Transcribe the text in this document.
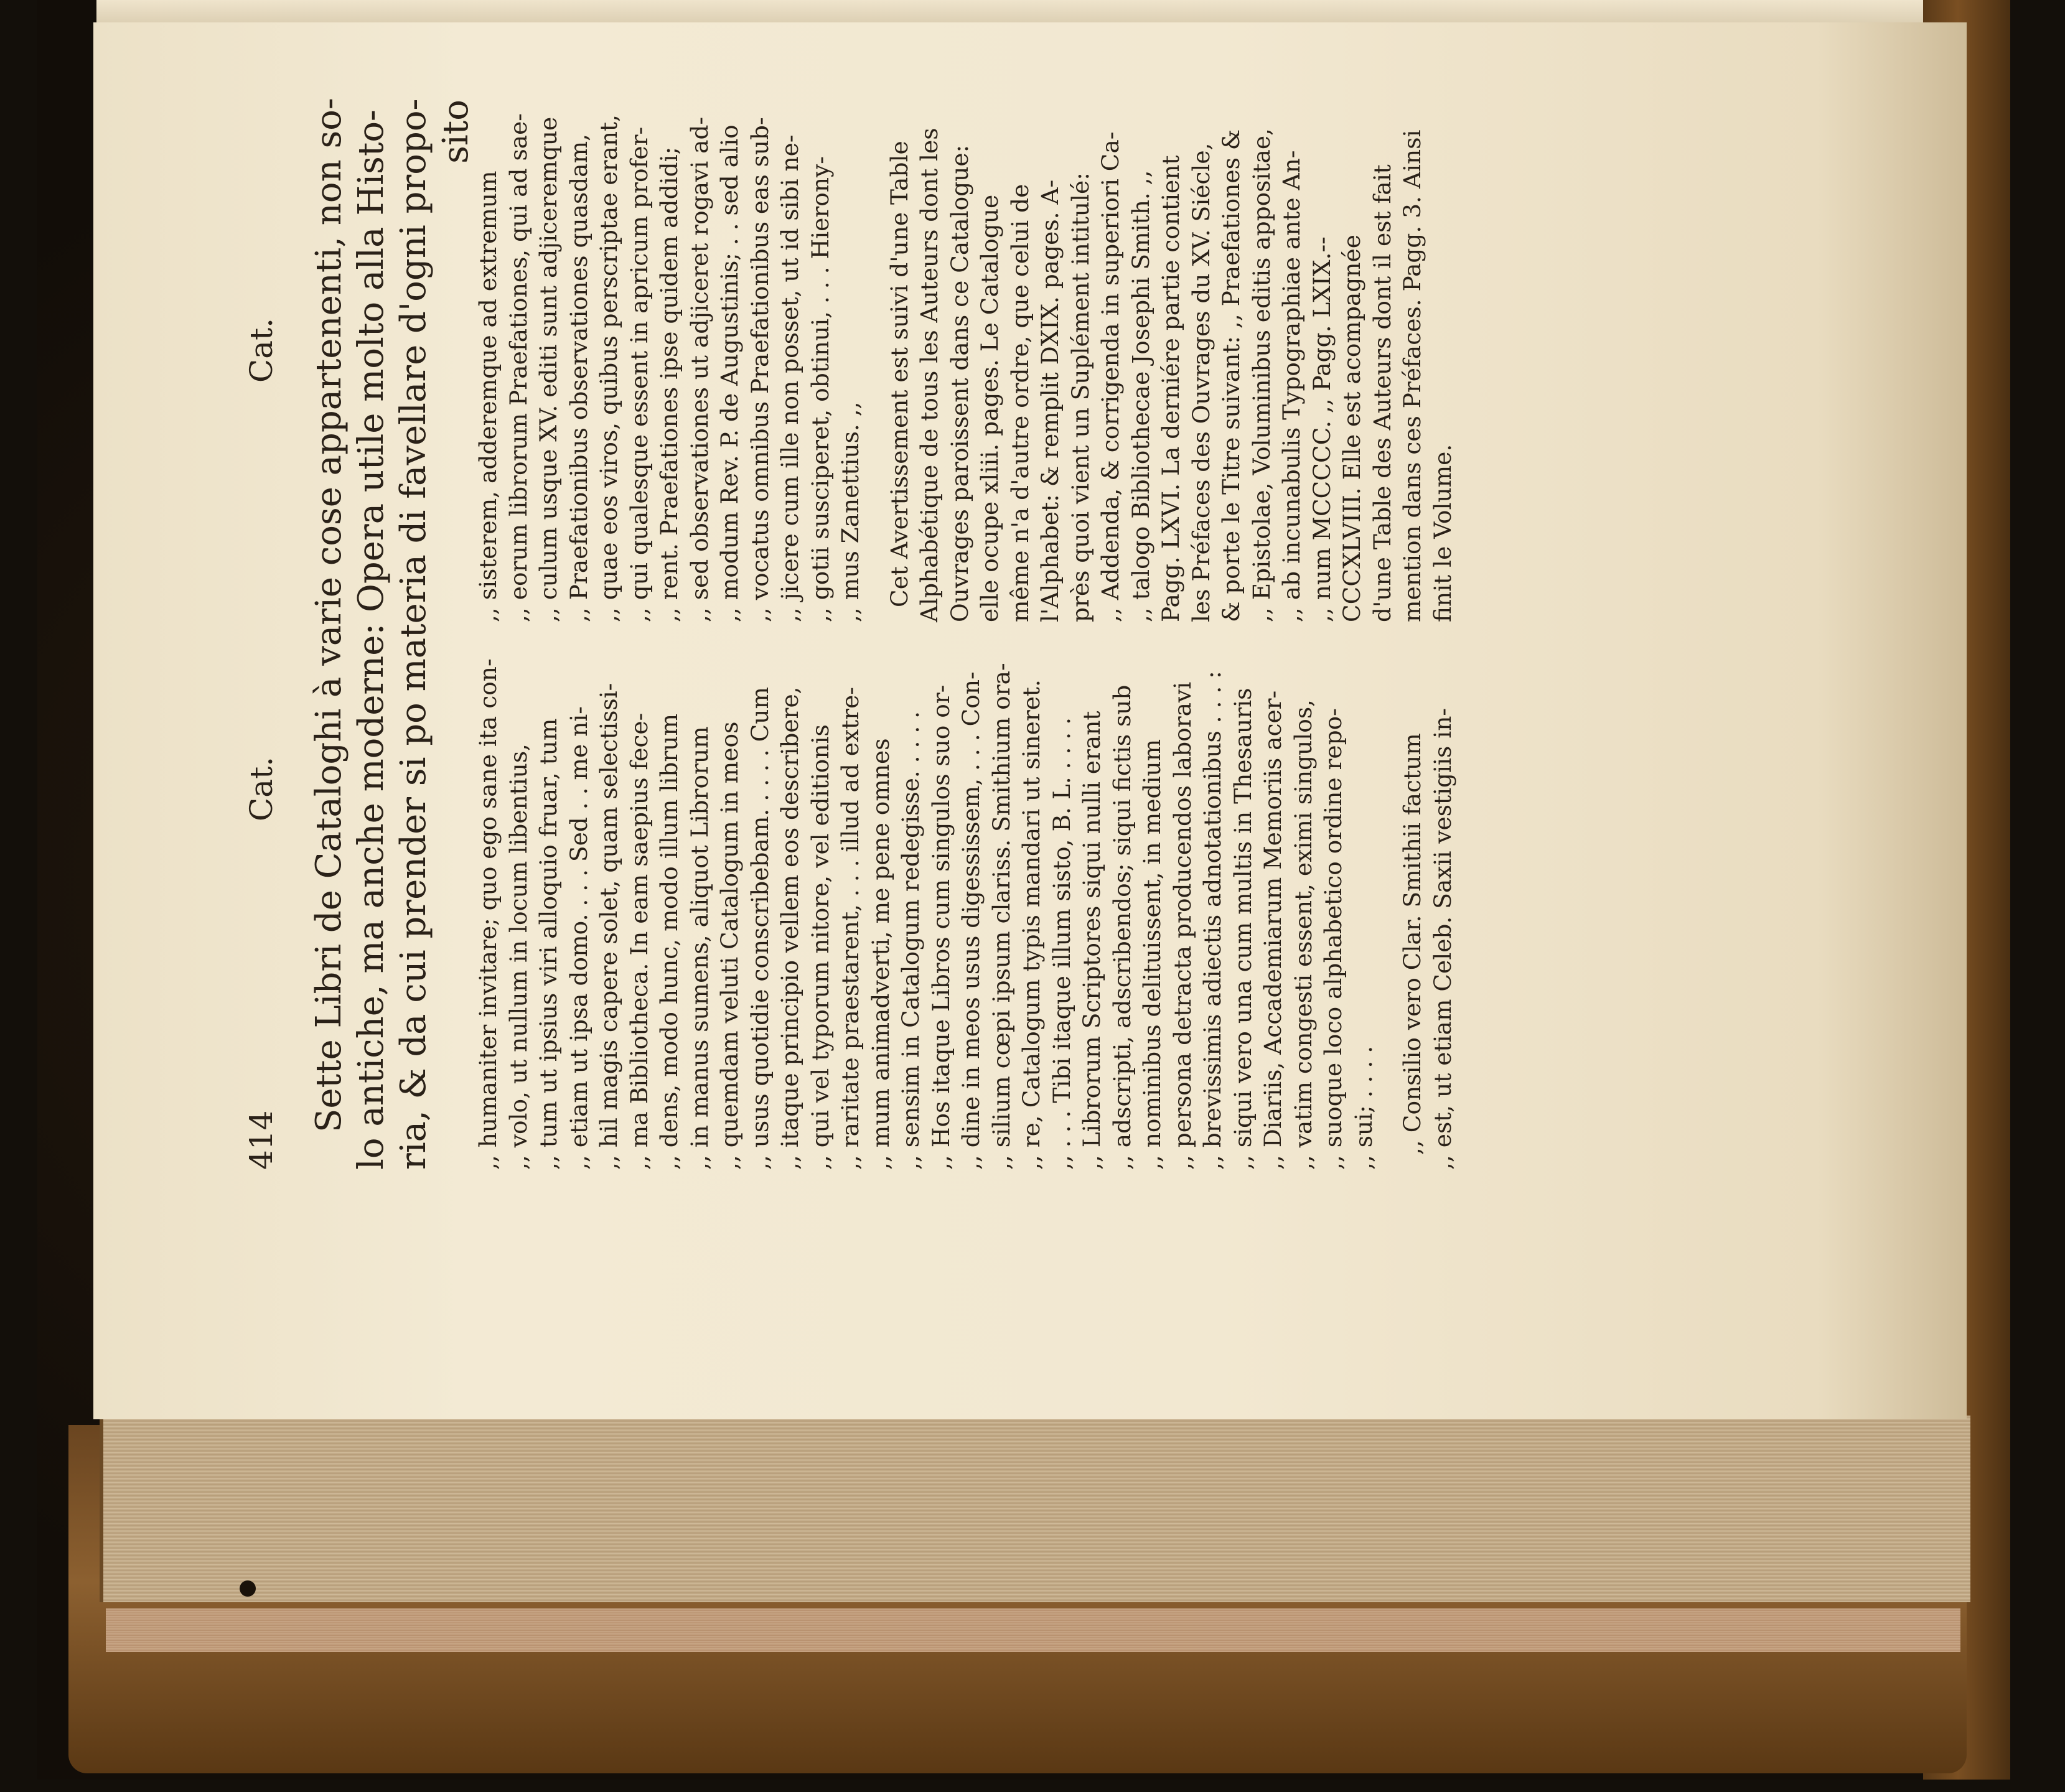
414
Cat.
Cat. Sette Libri de Cataloghi à varie cose appartenenti, non so- lo antiche, ma anche moderne: Opera utile molto alla Histo- ria, & da cui prender si po materia di favellare d'ogni propo- sito
,, humaniter invitare; quo ego sane ita con- ,, volo, ut nullum in locum libentius, ,, tum ut ipsius viri alloquio fruar, tum ,, etiam ut ipsa domo. . . . Sed . . me ni- ,, hil magis capere solet, quam selectissi- ,, ma Bibliotheca. In eam saepius fece- ,, dens, modo hunc, modo illum librum ,, in manus sumens, aliquot Librorum ,, quemdam veluti Catalogum in meos ,, usus quotidie conscribebam. . . . . Cum ,, itaque principio vellem eos describere, ,, qui vel typorum nitore, vel editionis ,, raritate praestarent, . . . illud ad extre- ,, mum animadverti, me pene omnes ,, sensim in Catalogum redegisse. . . . . ,, Hos itaque Libros cum singulos suo or- ,, dine in meos usus digessissem, . . . Con- ,, silium cœpi ipsum clariss. Smithium ora- ,, re, Catalogum typis mandari ut sineret. ,, . . . Tibi itaque illum sisto, B. L. . . . . ,, Librorum Scriptores siqui nulli erant ,, adscripti, adscribendos; siqui fictis sub ,, nominibus delituissent, in medium ,, persona detracta producendos laboravi ,, brevissimis adiectis adnotationibus . . . : ,, siqui vero una cum multis in Thesauris ,, Diariis, Accademiarum Memoriis acer- ,, vatim congesti essent, eximi singulos, ,, suoque loco alphabetico ordine repo- ,, sui; . . . . ,, Consilio vero Clar. Smithii factum ,, est, ut etiam Celeb. Saxii vestigiis in-
,, sisterem, adderemque ad extremum ,, eorum librorum Praefationes, qui ad sae- ,, culum usque XV. editi sunt adjiceremque ,, Praefationibus observationes quasdam, ,, quae eos viros, quibus perscriptae erant, ,, qui qualesque essent in apricum profer- ,, rent. Praefationes ipse quidem addidi; ,, sed observationes ut adjiceret rogavi ad- ,, modum Rev. P. de Augustinis; . . sed alio ,, vocatus omnibus Praefationibus eas sub- ,, jicere cum ille non posset, ut id sibi ne- ,, gotii susciperet, obtinui, . . . Hierony- ,, mus Zanettius. ,, Cet Avertissement est suivi d'une Table Alphabétique de tous les Auteurs dont les Ouvrages paroissent dans ce Catalogue: elle ocupe xliii. pages. Le Catalogue même n'a d'autre ordre, que celui de l'Alphabet: & remplit DXIX. pages. A- près quoi vient un Suplément intitulé: ,, Addenda, & corrigenda in superiori Ca- ,, talogo Bibliothecae Josephi Smith. ,, Pagg. LXVI. La derniére partie contient les Préfaces des Ouvrages du XV. Siécle, & porte le Titre suivant: ,, Praefationes & ,, Epistolae, Voluminibus editis appositae, ,, ab incunabulis Typographiae ante An- ,, num MCCCCC. ,, Pagg. LXIX.-- CCCXLVIII. Elle est acompagnée d'une Table des Auteurs dont il est fait mention dans ces Préfaces. Pagg. 3. Ainsi finit le Volume.
